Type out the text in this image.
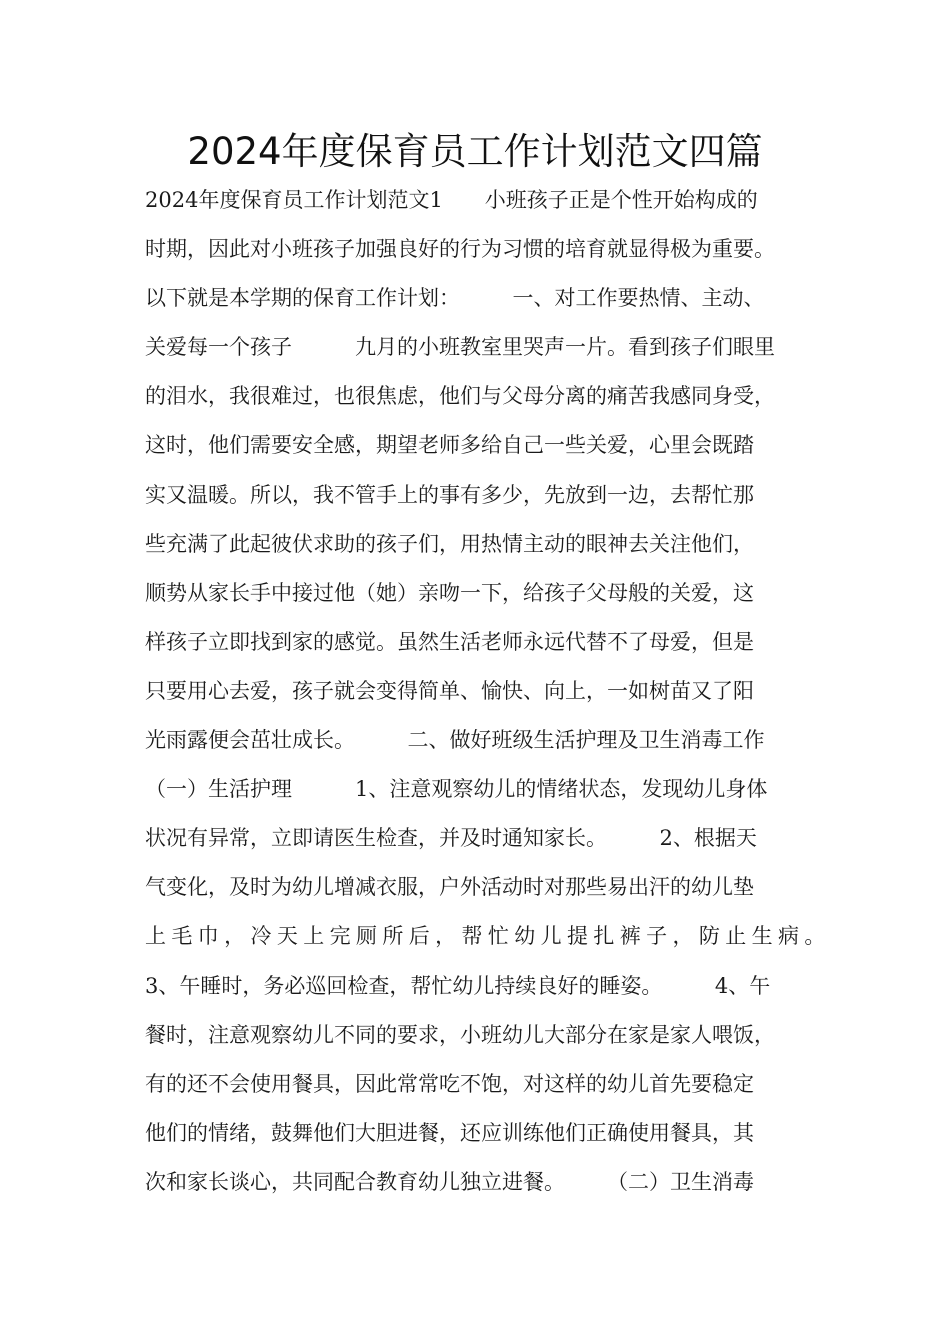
2024年度保育员工作计划范文四篇
2024年度保育员工作计划范文1　　小班孩子正是个性开始构成的
时期，因此对小班孩子加强良好的行为习惯的培育就显得极为重要。
以下就是本学期的保育工作计划：　　　一、对工作要热情、主动、
关爱每一个孩子　　　九月的小班教室里哭声一片。看到孩子们眼里
的泪水，我很难过，也很焦虑，他们与父母分离的痛苦我感同身受，
这时，他们需要安全感，期望老师多给自己一些关爱，心里会既踏
实又温暖。所以，我不管手上的事有多少，先放到一边，去帮忙那
些充满了此起彼伏求助的孩子们，用热情主动的眼神去关注他们，
顺势从家长手中接过他（她）亲吻一下，给孩子父母般的关爱，这
样孩子立即找到家的感觉。虽然生活老师永远代替不了母爱，但是
只要用心去爱，孩子就会变得简单、愉快、向上，一如树苗又了阳
光雨露便会茁壮成长。　　　二、做好班级生活护理及卫生消毒工作
（一）生活护理　　　1、注意观察幼儿的情绪状态，发现幼儿身体
状况有异常，立即请医生检查，并及时通知家长。　　　2、根据天
气变化，及时为幼儿增减衣服，户外活动时对那些易出汗的幼儿垫
上 毛 巾 ， 冷 天 上 完 厕 所 后 ， 帮 忙 幼 儿 提 扎 裤 子 ， 防 止 生 病 。
3、午睡时，务必巡回检查，帮忙幼儿持续良好的睡姿。　　　4、午
餐时，注意观察幼儿不同的要求，小班幼儿大部分在家是家人喂饭，
有的还不会使用餐具，因此常常吃不饱，对这样的幼儿首先要稳定
他们的情绪，鼓舞他们大胆进餐，还应训练他们正确使用餐具，其
次和家长谈心，共同配合教育幼儿独立进餐。　　　（二）卫生消毒
